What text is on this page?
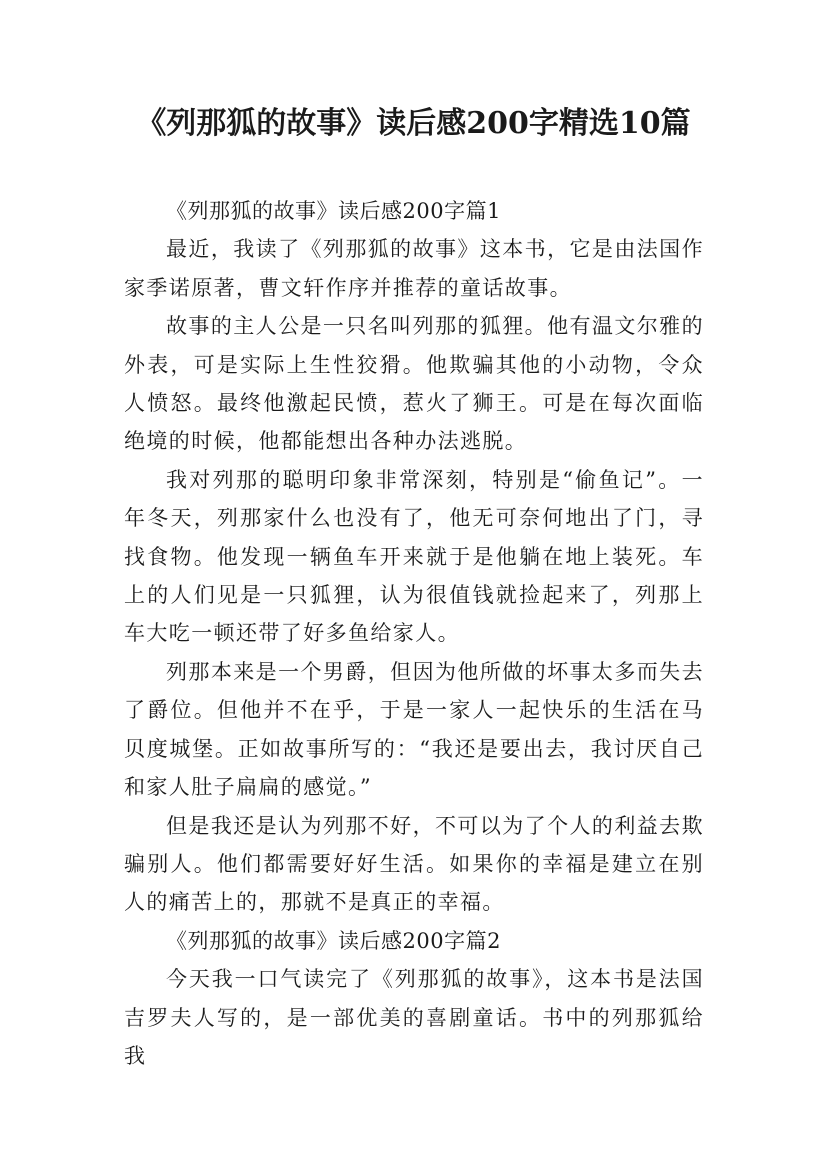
《列那狐的故事》读后感200字精选10篇

《列那狐的故事》读后感200字篇1

最近，我读了《列那狐的故事》这本书，它是由法国作家季诺原著，曹文轩作序并推荐的童话故事。

故事的主人公是一只名叫列那的狐狸。他有温文尔雅的外表，可是实际上生性狡猾。他欺骗其他的小动物，令众人愤怒。最终他激起民愤，惹火了狮王。可是在每次面临绝境的时候，他都能想出各种办法逃脱。

我对列那的聪明印象非常深刻，特别是“偷鱼记”。一年冬天，列那家什么也没有了，他无可奈何地出了门，寻找食物。他发现一辆鱼车开来就于是他躺在地上装死。车上的人们见是一只狐狸，认为很值钱就捡起来了，列那上车大吃一顿还带了好多鱼给家人。

列那本来是一个男爵，但因为他所做的坏事太多而失去了爵位。但他并不在乎，于是一家人一起快乐的生活在马贝度城堡。正如故事所写的：“我还是要出去，我讨厌自己和家人肚子扁扁的感觉。”

但是我还是认为列那不好，不可以为了个人的利益去欺骗别人。他们都需要好好生活。如果你的幸福是建立在别人的痛苦上的，那就不是真正的幸福。

《列那狐的故事》读后感200字篇2

今天我一口气读完了《列那狐的故事》，这本书是法国吉罗夫人写的，是一部优美的喜剧童话。书中的列那狐给我
